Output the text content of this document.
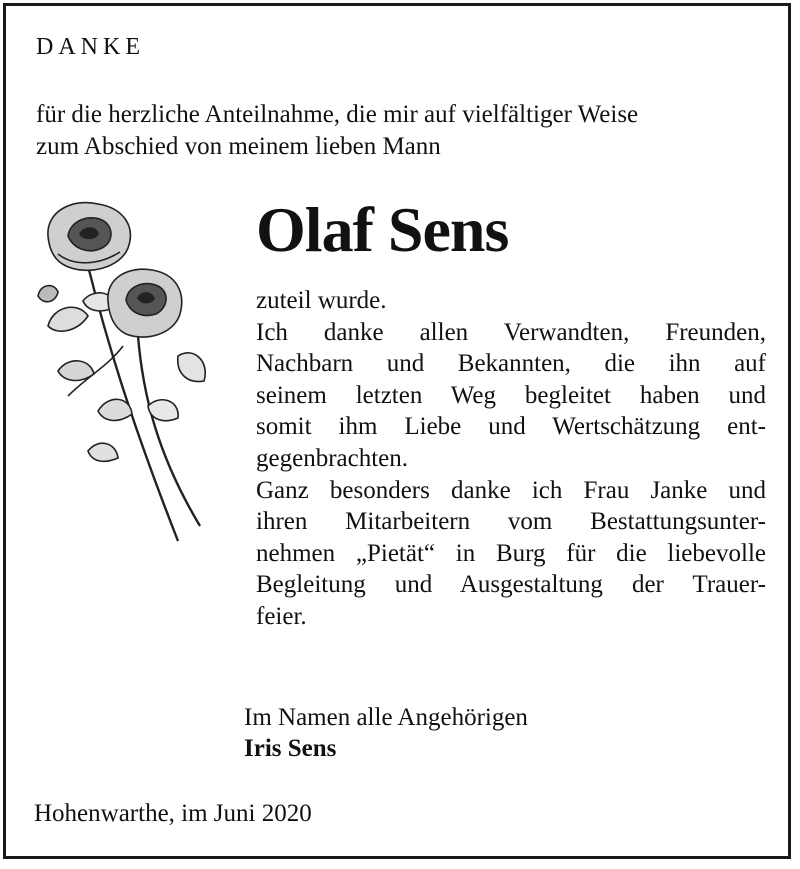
DANKE
für die herzliche Anteilnahme, die mir auf vielfältiger Weise
zum Abschied von meinem lieben Mann
Olaf Sens
zuteil wurde.
Ich danke allen Verwandten, Freunden,
Nachbarn und Bekannten, die ihn auf
seinem letzten Weg begleitet haben und
somit ihm Liebe und Wertschätzung ent-
gegenbrachten.
Ganz besonders danke ich Frau Janke und
ihren Mitarbeitern vom Bestattungsunter-
nehmen „Pietät“ in Burg für die liebevolle
Begleitung und Ausgestaltung der Trauer-
feier.
Im Namen alle Angehörigen
Iris Sens
Hohenwarthe, im Juni 2020
